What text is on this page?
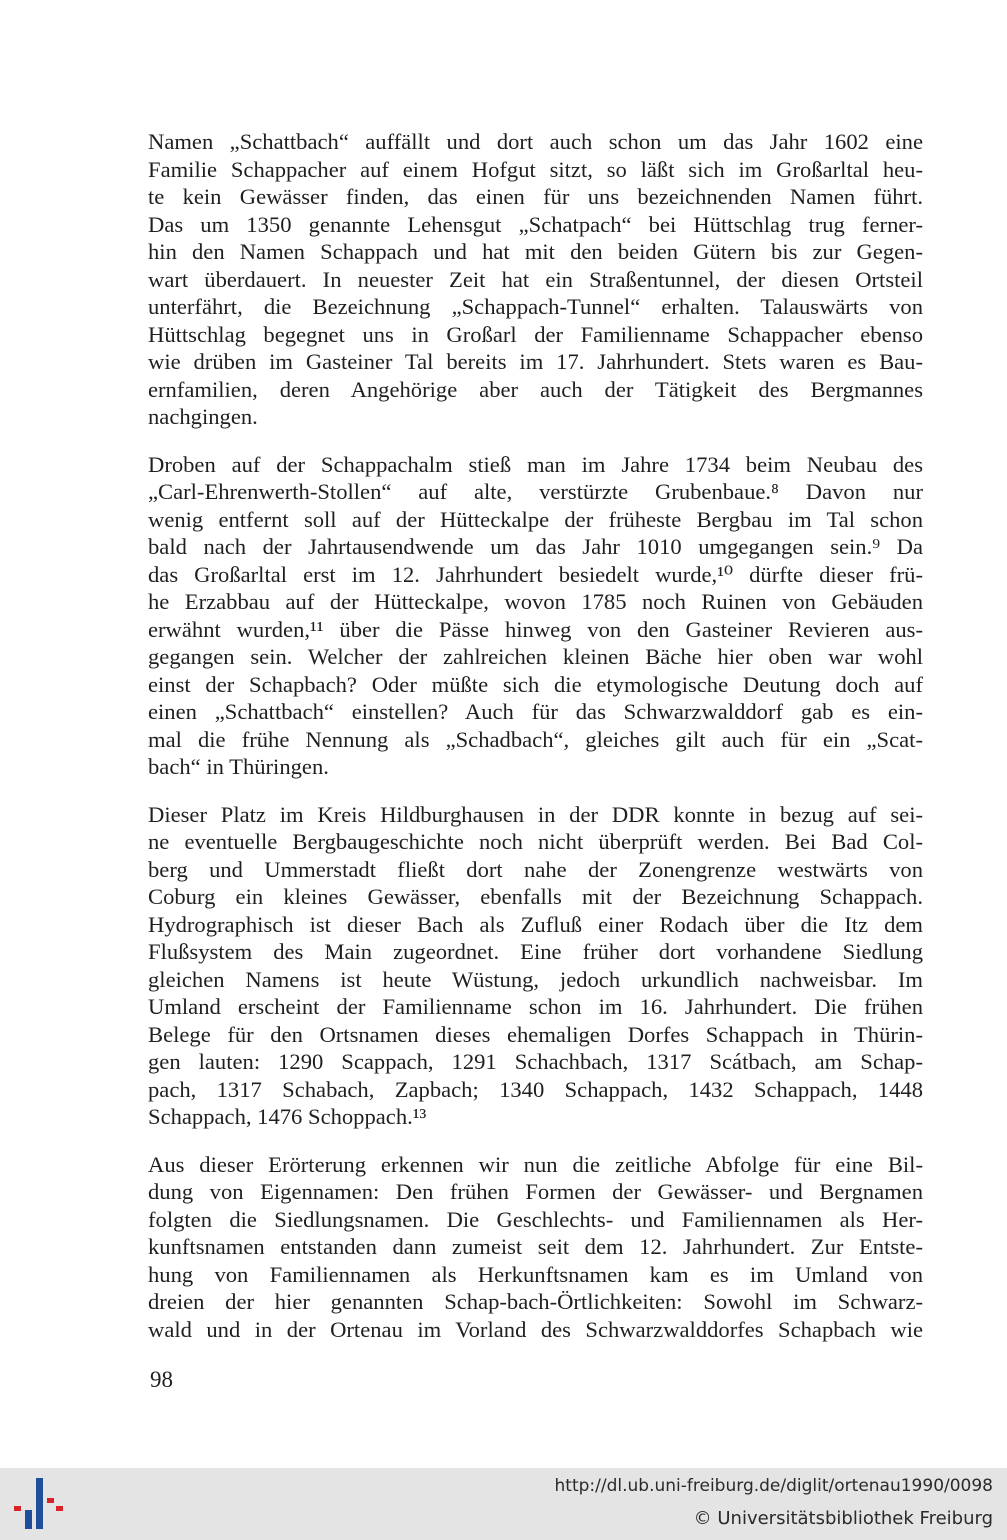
Namen „Schattbach“ auffällt und dort auch schon um das Jahr 1602 eine
Familie Schappacher auf einem Hofgut sitzt, so läßt sich im Großarltal heu-
te kein Gewässer finden, das einen für uns bezeichnenden Namen führt.
Das um 1350 genannte Lehensgut „Schatpach“ bei Hüttschlag trug ferner-
hin den Namen Schappach und hat mit den beiden Gütern bis zur Gegen-
wart überdauert. In neuester Zeit hat ein Straßentunnel, der diesen Ortsteil
unterfährt, die Bezeichnung „Schappach-Tunnel“ erhalten. Talauswärts von
Hüttschlag begegnet uns in Großarl der Familienname Schappacher ebenso
wie drüben im Gasteiner Tal bereits im 17. Jahrhundert. Stets waren es Bau-
ernfamilien, deren Angehörige aber auch der Tätigkeit des Bergmannes
nachgingen.

Droben auf der Schappachalm stieß man im Jahre 1734 beim Neubau des
„Carl-Ehrenwerth-Stollen“ auf alte, verstürzte Grubenbaue.⁸ Davon nur
wenig entfernt soll auf der Hütteckalpe der früheste Bergbau im Tal schon
bald nach der Jahrtausendwende um das Jahr 1010 umgegangen sein.⁹ Da
das Großarltal erst im 12. Jahrhundert besiedelt wurde,¹⁰ dürfte dieser frü-
he Erzabbau auf der Hütteckalpe, wovon 1785 noch Ruinen von Gebäuden
erwähnt wurden,¹¹ über die Pässe hinweg von den Gasteiner Revieren aus-
gegangen sein. Welcher der zahlreichen kleinen Bäche hier oben war wohl
einst der Schapbach? Oder müßte sich die etymologische Deutung doch auf
einen „Schattbach“ einstellen? Auch für das Schwarzwalddorf gab es ein-
mal die frühe Nennung als „Schadbach“, gleiches gilt auch für ein „Scat-
bach“ in Thüringen.

Dieser Platz im Kreis Hildburghausen in der DDR konnte in bezug auf sei-
ne eventuelle Bergbaugeschichte noch nicht überprüft werden. Bei Bad Col-
berg und Ummerstadt fließt dort nahe der Zonengrenze westwärts von
Coburg ein kleines Gewässer, ebenfalls mit der Bezeichnung Schappach.
Hydrographisch ist dieser Bach als Zufluß einer Rodach über die Itz dem
Flußsystem des Main zugeordnet. Eine früher dort vorhandene Siedlung
gleichen Namens ist heute Wüstung, jedoch urkundlich nachweisbar. Im
Umland erscheint der Familienname schon im 16. Jahrhundert. Die frühen
Belege für den Ortsnamen dieses ehemaligen Dorfes Schappach in Thürin-
gen lauten: 1290 Scappach, 1291 Schachbach, 1317 Scátbach, am Schap-
pach, 1317 Schabach, Zapbach; 1340 Schappach, 1432 Schappach, 1448
Schappach, 1476 Schoppach.¹³

Aus dieser Erörterung erkennen wir nun die zeitliche Abfolge für eine Bil-
dung von Eigennamen: Den frühen Formen der Gewässer- und Bergnamen
folgten die Siedlungsnamen. Die Geschlechts- und Familiennamen als Her-
kunftsnamen entstanden dann zumeist seit dem 12. Jahrhundert. Zur Entste-
hung von Familiennamen als Herkunftsnamen kam es im Umland von
dreien der hier genannten Schap-bach-Örtlichkeiten: Sowohl im Schwarz-
wald und in der Ortenau im Vorland des Schwarzwalddorfes Schapbach wie

98
http://dl.ub.uni-freiburg.de/diglit/ortenau1990/0098
© Universitätsbibliothek Freiburg
